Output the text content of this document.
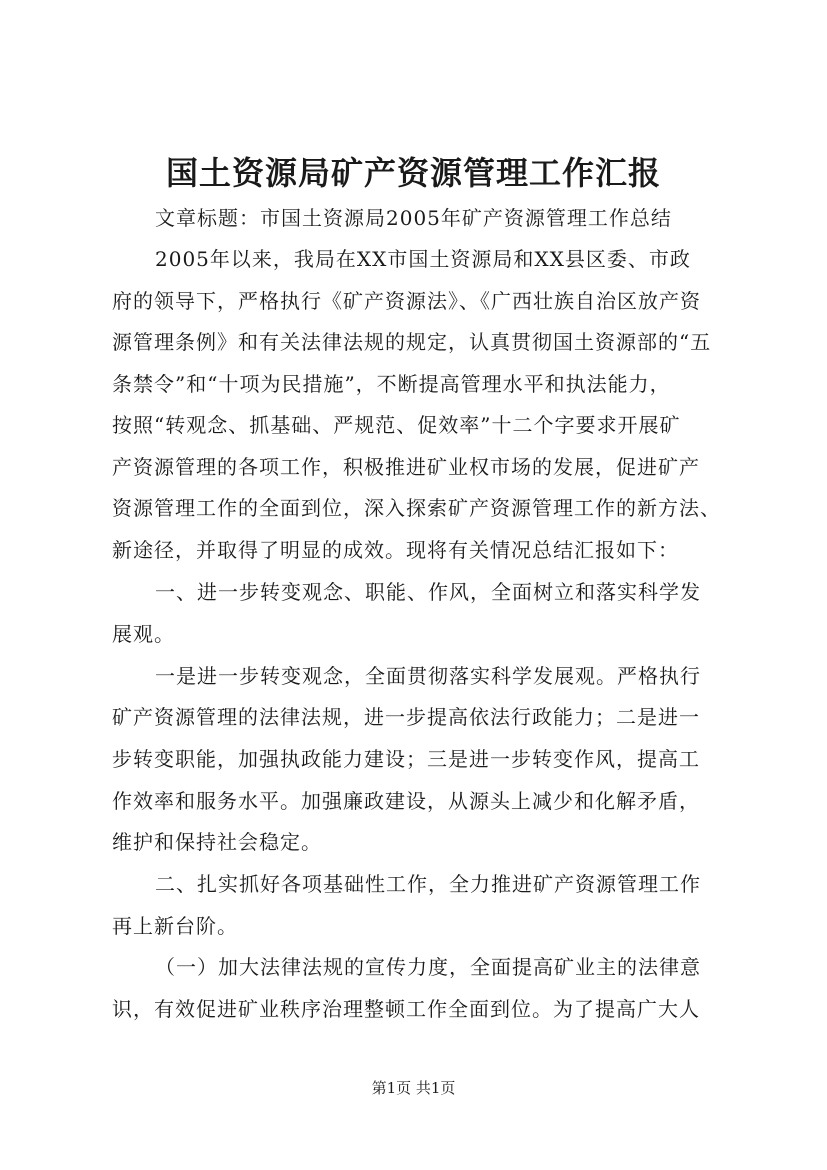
国土资源局矿产资源管理工作汇报
文章标题：市国土资源局2005年矿产资源管理工作总结
2005年以来，我局在XX市国土资源局和XX县区委、市政
府的领导下，严格执行《矿产资源法》、《广西壮族自治区放产资
源管理条例》和有关法律法规的规定，认真贯彻国土资源部的“五
条禁令”和“十项为民措施”，不断提高管理水平和执法能力，
按照“转观念、抓基础、严规范、促效率”十二个字要求开展矿
产资源管理的各项工作，积极推进矿业权市场的发展，促进矿产
资源管理工作的全面到位，深入探索矿产资源管理工作的新方法、
新途径，并取得了明显的成效。现将有关情况总结汇报如下：
一、进一步转变观念、职能、作风，全面树立和落实科学发
展观。
一是进一步转变观念，全面贯彻落实科学发展观。严格执行
矿产资源管理的法律法规，进一步提高依法行政能力；二是进一
步转变职能，加强执政能力建设；三是进一步转变作风，提高工
作效率和服务水平。加强廉政建设，从源头上减少和化解矛盾，
维护和保持社会稳定。
二、扎实抓好各项基础性工作，全力推进矿产资源管理工作
再上新台阶。
（一）加大法律法规的宣传力度，全面提高矿业主的法律意
识，有效促进矿业秩序治理整顿工作全面到位。为了提高广大人
第1页 共1页
